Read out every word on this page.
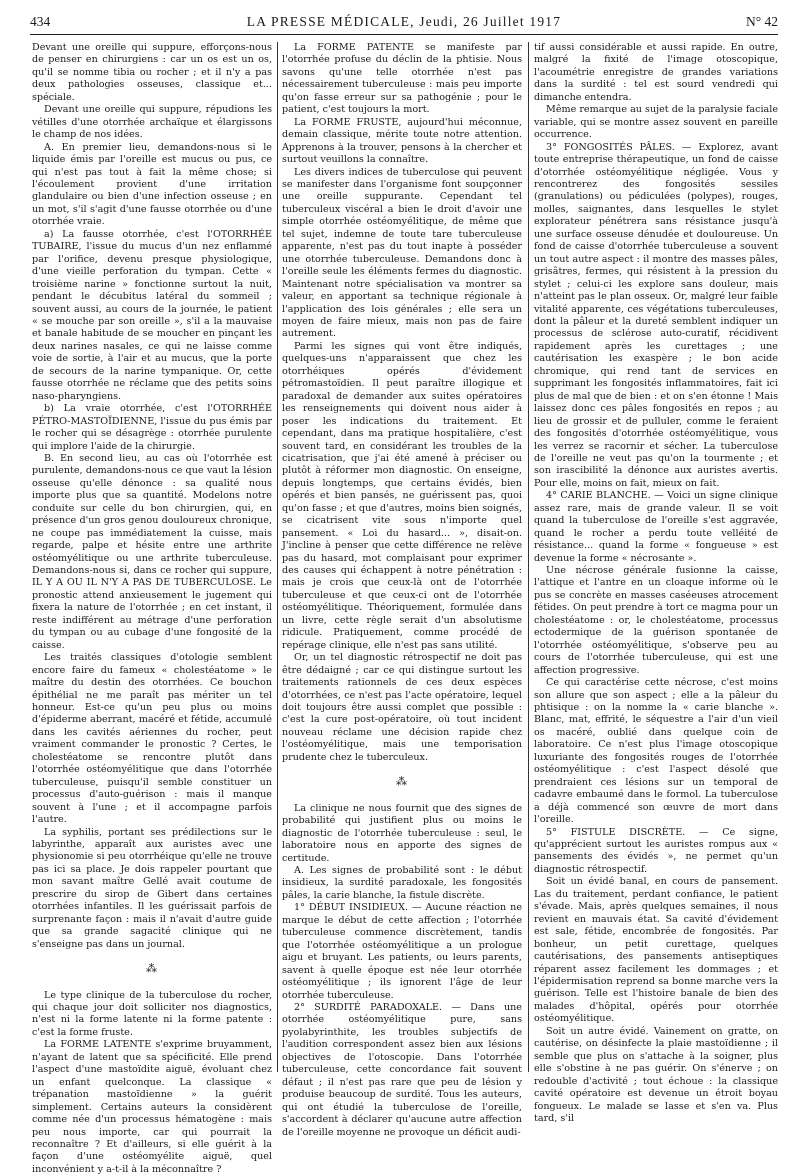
434	LA PRESSE MÉDICALE, Jeudi, 26 Juillet 1917	N° 42

Devant une oreille qui suppure, efforçons-nous de penser en chirurgiens : car un os est un os, qu'il se nomme tibia ou rocher ; et il n'y a pas deux pathologies osseuses, classique et... spéciale.

Devant une oreille qui suppure, répudions les vétilles d'une otorrhée archaïque et élargissons le champ de nos idées.

A. En premier lieu, demandons-nous si le liquide émis par l'oreille est mucus ou pus, ce qui n'est pas tout à fait la même chose; si l'écoulement provient d'une irritation glandulaire ou bien d'une infection osseuse ; en un mot, s'il s'agit d'une fausse otorrhée ou d'une otorrhée vraie.

a) La fausse otorrhée, c'est l'OTORRHÉE TUBAIRE, l'issue du mucus d'un nez enflammé par l'orifice, devenu presque physiologique, d'une vieille perforation du tympan. Cette « troisième narine » fonctionne surtout la nuit, pendant le décubitus latéral du sommeil ; souvent aussi, au cours de la journée, le patient « se mouche par son oreille », s'il a la mauvaise et banale habitude de se moucher en pinçant les deux narines nasales, ce qui ne laisse comme voie de sortie, à l'air et au mucus, que la porte de secours de la narine tympanique. Or, cette fausse otorrhée ne réclame que des petits soins naso-pharyngiens.

b) La vraie otorrhée, c'est l'OTORRHÉE PÉTRO-MASTOÏDIENNE, l'issue du pus émis par le rocher qui se désagrège : otorrhée purulente qui implore l'aide de la chirurgie.

B. En second lieu, au cas où l'otorrhée est purulente, demandons-nous ce que vaut la lésion osseuse qu'elle dénonce : sa qualité nous importe plus que sa quantité. Modelons notre conduite sur celle du bon chirurgien, qui, en présence d'un gros genou douloureux chronique, ne coupe pas immédiatement la cuisse, mais regarde, palpe et hésite entre une arthrite ostéomyélitique ou une arthrite tuberculeuse. Demandons-nous si, dans ce rocher qui suppure, IL Y A OU IL N'Y A PAS DE TUBERCULOSE. Le pronostic attend anxieusement le jugement qui fixera la nature de l'otorrhée ; en cet instant, il reste indifférent au métrage d'une perforation du tympan ou au cubage d'une fongosité de la caisse.

Les traités classiques d'otologie semblent encore faire du fameux « cholestéatome » le maître du destin des otorrhées. Ce bouchon épithélial ne me paraît pas mériter un tel honneur. Est-ce qu'un peu plus ou moins d'épiderme aberrant, macéré et fétide, accumulé dans les cavités aériennes du rocher, peut vraiment commander le pronostic ? Certes, le cholestéatome se rencontre plutôt dans l'otorrhée ostéomyélitique que dans l'otorrhée tuberculeuse, puisqu'il semble constituer un processus d'auto-guérison : mais il manque souvent à l'une ; et il accompagne parfois l'autre.

La syphilis, portant ses prédilections sur le labyrinthe, apparaît aux auristes avec une physionomie si peu otorrhéique qu'elle ne trouve pas ici sa place. Je dois rappeler pourtant que mon savant maître Gellé avait coutume de prescrire du sirop de Gibert dans certaines otorrhées infantiles. Il les guérissait parfois de surprenante façon : mais il n'avait d'autre guide que sa grande sagacité clinique qui ne s'enseigne pas dans un journal.

⁂

Le type clinique de la tuberculose du rocher, qui chaque jour doit solliciter nos diagnostics, n'est ni la forme latente ni la forme patente : c'est la forme fruste.

La FORME LATENTE s'exprime bruyamment, n'ayant de latent que sa spécificité. Elle prend l'aspect d'une mastoïdite aiguë, évoluant chez un enfant quelconque. La classique « trépanation mastoïdienne » la guérit simplement. Certains auteurs la considèrent comme née d'un processus hématogène : mais peu nous importe, car qui pourrait la reconnaître ? Et d'ailleurs, si elle guérit à la façon d'une ostéomyélite aiguë, quel inconvénient y a-t-il à la méconnaître ?

La FORME PATENTE se manifeste par l'otorrhée profuse du déclin de la phtisie. Nous savons qu'une telle otorrhée n'est pas nécessairement tuberculeuse : mais peu importe qu'on fasse erreur sur sa pathogénie ; pour le patient, c'est toujours la mort.

La FORME FRUSTE, aujourd'hui méconnue, demain classique, mérite toute notre attention. Apprenons à la trouver, pensons à la chercher et surtout veuillons la connaître.

Les divers indices de tuberculose qui peuvent se manifester dans l'organisme font soupçonner une oreille suppurante. Cependant tel tuberculeux viscéral a bien le droit d'avoir une simple otorrhée ostéomyélitique, de même que tel sujet, indemne de toute tare tuberculeuse apparente, n'est pas du tout inapte à posséder une otorrhée tuberculeuse. Demandons donc à l'oreille seule les éléments fermes du diagnostic. Maintenant notre spécialisation va montrer sa valeur, en apportant sa technique régionale à l'application des lois générales ; elle sera un moyen de faire mieux, mais non pas de faire autrement.

Parmi les signes qui vont être indiqués, quelques-uns n'apparaissent que chez les otorrhéiques opérés d'évidement pétromastoïdien. Il peut paraître illogique et paradoxal de demander aux suites opératoires les renseignements qui doivent nous aider à poser les indications du traitement. Et cependant, dans ma pratique hospitalière, c'est souvent tard, en considérant les troubles de la cicatrisation, que j'ai été amené à préciser ou plutôt à réformer mon diagnostic. On enseigne, depuis longtemps, que certains évidés, bien opérés et bien pansés, ne guérissent pas, quoi qu'on fasse ; et que d'autres, moins bien soignés, se cicatrisent vite sous n'importe quel pansement. « Loi du hasard... », disait-on. J'incline à penser que cette différence ne relève pas du hasard, mot complaisant pour exprimer des causes qui échappent à notre pénétration : mais je crois que ceux-là ont de l'otorrhée tuberculeuse et que ceux-ci ont de l'otorrhée ostéomyélitique. Théoriquement, formulée dans un livre, cette règle serait d'un absolutisme ridicule. Pratiquement, comme procédé de repérage clinique, elle n'est pas sans utilité.

Or, un tel diagnostic rétrospectif ne doit pas être dédaigné ; car ce qui distingue surtout les traitements rationnels de ces deux espèces d'otorrhées, ce n'est pas l'acte opératoire, lequel doit toujours être aussi complet que possible : c'est la cure post-opératoire, où tout incident nouveau réclame une décision rapide chez l'ostéomyélitique, mais une temporisation prudente chez le tuberculeux.

⁂

La clinique ne nous fournit que des signes de probabilité qui justifient plus ou moins le diagnostic de l'otorrhée tuberculeuse : seul, le laboratoire nous en apporte des signes de certitude.

A. Les signes de probabilité sont : le début insidieux, la surdité paradoxale, les fongosités pâles, la carie blanche, la fistule discrète.

1° DÉBUT INSIDIEUX. — Aucune réaction ne marque le début de cette affection ; l'otorrhée tuberculeuse commence discrètement, tandis que l'otorrhée ostéomyélitique a un prologue aigu et bruyant. Les patients, ou leurs parents, savent à quelle époque est née leur otorrhée ostéomyélitique ; ils ignorent l'âge de leur otorrhée tuberculeuse.

2° SURDITÉ PARADOXALE. — Dans une otorrhée ostéomyélitique pure, sans pyolabyrinthite, les troubles subjectifs de l'audition correspondent assez bien aux lésions objectives de l'otoscopie. Dans l'otorrhée tuberculeuse, cette concordance fait souvent défaut ; il n'est pas rare que peu de lésion y produise beaucoup de surdité. Tous les auteurs, qui ont étudié la tuberculose de l'oreille, s'accordent à déclarer qu'aucune autre affection de l'oreille moyenne ne provoque un déficit audi-

tif aussi considérable et aussi rapide. En outre, malgré la fixité de l'image otoscopique, l'acoumétrie enregistre de grandes variations dans la surdité : tel est sourd vendredi qui dimanche entendra.

Même remarque au sujet de la paralysie faciale variable, qui se montre assez souvent en pareille occurrence.

3° FONGOSITÉS PÂLES. — Explorez, avant toute entreprise thérapeutique, un fond de caisse d'otorrhée ostéomyélitique négligée. Vous y rencontrerez des fongosités sessiles (granulations) ou pédiculées (polypes), rouges, molles, saignantes, dans lesquelles le stylet explorateur pénétrera sans résistance jusqu'à une surface osseuse dénudée et douloureuse. Un fond de caisse d'otorrhée tuberculeuse a souvent un tout autre aspect : il montre des masses pâles, grisâtres, fermes, qui résistent à la pression du stylet ; celui-ci les explore sans douleur, mais n'atteint pas le plan osseux. Or, malgré leur faible vitalité apparente, ces végétations tuberculeuses, dont la pâleur et la dureté semblent indiquer un processus de sclérose auto-curatif, récidivent rapidement après les curettages ; une cautérisation les exaspère ; le bon acide chromique, qui rend tant de services en supprimant les fongosités inflammatoires, fait ici plus de mal que de bien : et on s'en étonne ! Mais laissez donc ces pâles fongosités en repos ; au lieu de grossir et de pulluler, comme le feraient des fongosités d'otorrhée ostéomyélitique, vous les verrez se racornir et sécher. La tuberculose de l'oreille ne veut pas qu'on la tourmente ; et son irascibilité la dénonce aux auristes avertis. Pour elle, moins on fait, mieux on fait.

4° CARIE BLANCHE. — Voici un signe clinique assez rare, mais de grande valeur. Il se voit quand la tuberculose de l'oreille s'est aggravée, quand le rocher a perdu toute velléité de résistance... quand la forme « fongueuse » est devenue la forme « nécrosante ».

Une nécrose générale fusionne la caisse, l'attique et l'antre en un cloaque informe où le pus se concrète en masses caséeuses atrocement fétides. On peut prendre à tort ce magma pour un cholestéatome : or, le cholestéatome, processus ectodermique de la guérison spontanée de l'otorrhée ostéomyélitique, s'observe peu au cours de l'otorrhée tuberculeuse, qui est une affection progressive.

Ce qui caractérise cette nécrose, c'est moins son allure que son aspect ; elle a la pâleur du phtisique : on la nomme la « carie blanche ». Blanc, mat, effrité, le séquestre a l'air d'un vieil os macéré, oublié dans quelque coin de laboratoire. Ce n'est plus l'image otoscopique luxuriante des fongosités rouges de l'otorrhée ostéomyélitique : c'est l'aspect désolé que prendraient ces lésions sur un temporal de cadavre embaumé dans le formol. La tuberculose a déjà commencé son œuvre de mort dans l'oreille.

5° FISTULE DISCRÈTE. — Ce signe, qu'apprécient surtout les auristes rompus aux « pansements des évidés », ne permet qu'un diagnostic rétrospectif.

Soit un évidé banal, en cours de pansement. Las du traitement, perdant confiance, le patient s'évade. Mais, après quelques semaines, il nous revient en mauvais état. Sa cavité d'évidement est sale, fétide, encombrée de fongosités. Par bonheur, un petit curettage, quelques cautérisations, des pansements antiseptiques réparent assez facilement les dommages ; et l'épidermisation reprend sa bonne marche vers la guérison. Telle est l'histoire banale de bien des malades d'hôpital, opérés pour otorrhée ostéomyélitique.

Soit un autre évidé. Vainement on gratte, on cautérise, on désinfecte la plaie mastoïdienne ; il semble que plus on s'attache à la soigner, plus elle s'obstine à ne pas guérir. On s'énerve ; on redouble d'activité ; tout échoue : la classique cavité opératoire est devenue un étroit boyau fongueux. Le malade se lasse et s'en va. Plus tard, s'il
